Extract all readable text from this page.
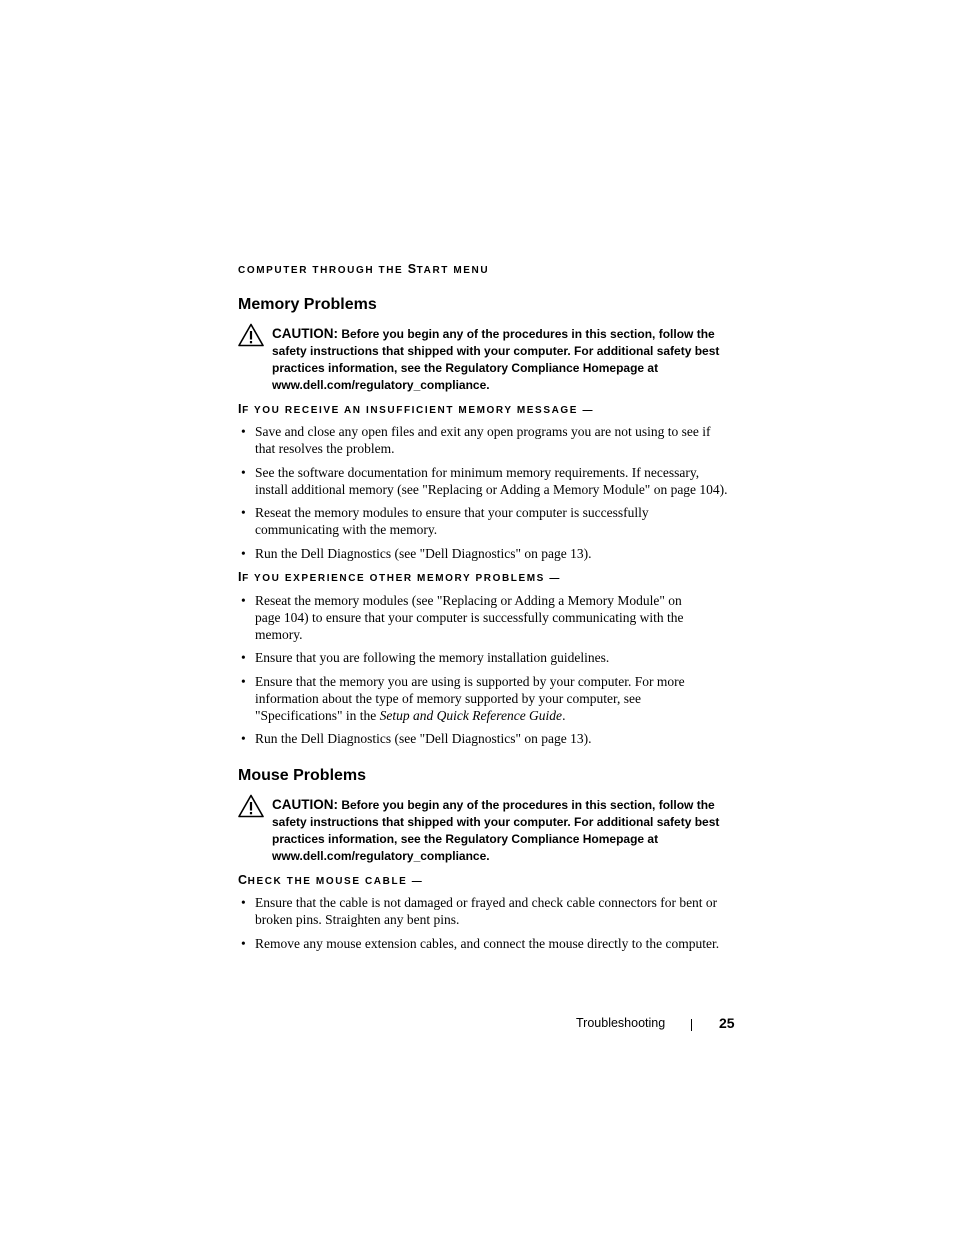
COMPUTER THROUGH THE START MENU
Memory Problems
CAUTION: Before you begin any of the procedures in this section, follow the
safety instructions that shipped with your computer. For additional safety best
practices information, see the Regulatory Compliance Homepage at
www.dell.com/regulatory_compliance.
IF YOU RECEIVE AN INSUFFICIENT MEMORY MESSAGE —
• Save and close any open files and exit any open programs you are not using to see if
that resolves the problem.
• See the software documentation for minimum memory requirements. If necessary,
install additional memory (see "Replacing or Adding a Memory Module" on page 104).
• Reseat the memory modules to ensure that your computer is successfully
communicating with the memory.
• Run the Dell Diagnostics (see "Dell Diagnostics" on page 13).
IF YOU EXPERIENCE OTHER MEMORY PROBLEMS —
• Reseat the memory modules (see "Replacing or Adding a Memory Module" on
page 104) to ensure that your computer is successfully communicating with the
memory.
• Ensure that you are following the memory installation guidelines.
• Ensure that the memory you are using is supported by your computer. For more
information about the type of memory supported by your computer, see
"Specifications" in the Setup and Quick Reference Guide.
• Run the Dell Diagnostics (see "Dell Diagnostics" on page 13).
Mouse Problems
CAUTION: Before you begin any of the procedures in this section, follow the
safety instructions that shipped with your computer. For additional safety best
practices information, see the Regulatory Compliance Homepage at
www.dell.com/regulatory_compliance.
CHECK THE MOUSE CABLE —
• Ensure that the cable is not damaged or frayed and check cable connectors for bent or
broken pins. Straighten any bent pins.
• Remove any mouse extension cables, and connect the mouse directly to the computer.
Troubleshooting	25
